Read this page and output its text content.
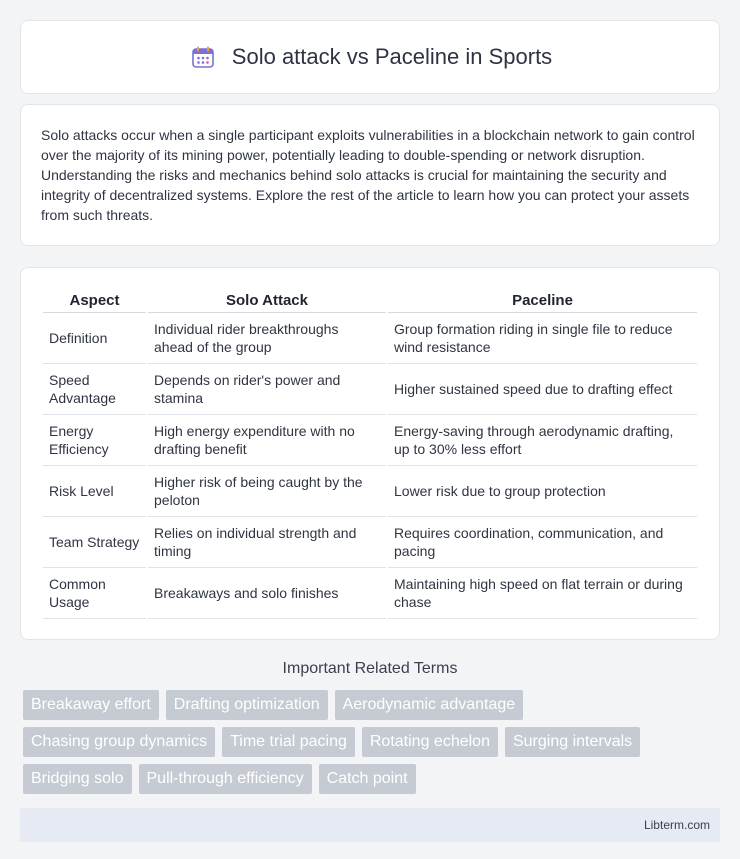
Solo attack vs Paceline in Sports

Solo attacks occur when a single participant exploits vulnerabilities in a blockchain network to gain control over the majority of its mining power, potentially leading to double-spending or network disruption. Understanding the risks and mechanics behind solo attacks is crucial for maintaining the security and integrity of decentralized systems. Explore the rest of the article to learn how you can protect your assets from such threats.

Aspect	Solo Attack	Paceline
Definition	Individual rider breakthroughs ahead of the group	Group formation riding in single file to reduce wind resistance
Speed Advantage	Depends on rider's power and stamina	Higher sustained speed due to drafting effect
Energy Efficiency	High energy expenditure with no drafting benefit	Energy-saving through aerodynamic drafting, up to 30% less effort
Risk Level	Higher risk of being caught by the peloton	Lower risk due to group protection
Team Strategy	Relies on individual strength and timing	Requires coordination, communication, and pacing
Common Usage	Breakaways and solo finishes	Maintaining high speed on flat terrain or during chase
Important Related Terms
Breakaway effort	Drafting optimization	Aerodynamic advantage
Chasing group dynamics	Time trial pacing	Rotating echelon	Surging intervals
Bridging solo	Pull-through efficiency	Catch point
Libterm.com
